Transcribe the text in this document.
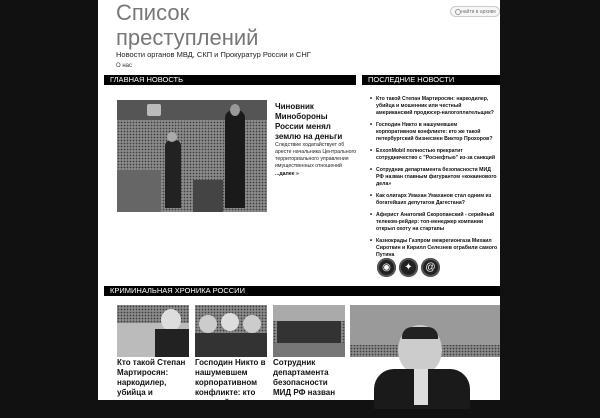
Список преступлений
Новости органов МВД, СКП и Прокуратур России и СНГ
О нас
найти в архиве
ГЛАВНАЯ НОВОСТЬ	ПОСЛЕДНИЕ НОВОСТИ
Чиновник Минобороны России менял землю на деньги
Следствие ходатайствует об аресте начальника Центрального территориального управления имущественных отношений
...далее »
• Кто такой Степан Мартиросян: наркодилер, убийца и мошенник или честный американский продюсер-налогоплательщик?
• Господин Никто в нашумевшем корпоративном конфликте: кто же такой петербургский бизнесмен Виктор Прохоров?
• ExxonMobil полностью прекратит сотрудничество с "Роснефтью" из-за санкций
• Сотрудник департамента безопасности МИД РФ назван главным фигурантом «кокаинового дела»
• Как олигарх Умахан Умаханов стал одним из богатейших депутатов Дагестана?
• Аферист Анатолий Скоропанский - серийный телеком-рейдер: топ-менеджер компании открыл охоту на стартапы
• Казнокрады Газпром межрегионгаза Михаил Сироткин и Кирилл Селезнев ограбили самого Путина
◉	✦	@
КРИМИНАЛЬНАЯ ХРОНИКА РОССИИ
Кто такой Степан Мартиросян: наркодилер, убийца и мошенник или честный
Господин Никто в нашумевшем корпоративном конфликте: кто же такой
Сотрудник департамента безопасности МИД РФ назван главным фигурантом
